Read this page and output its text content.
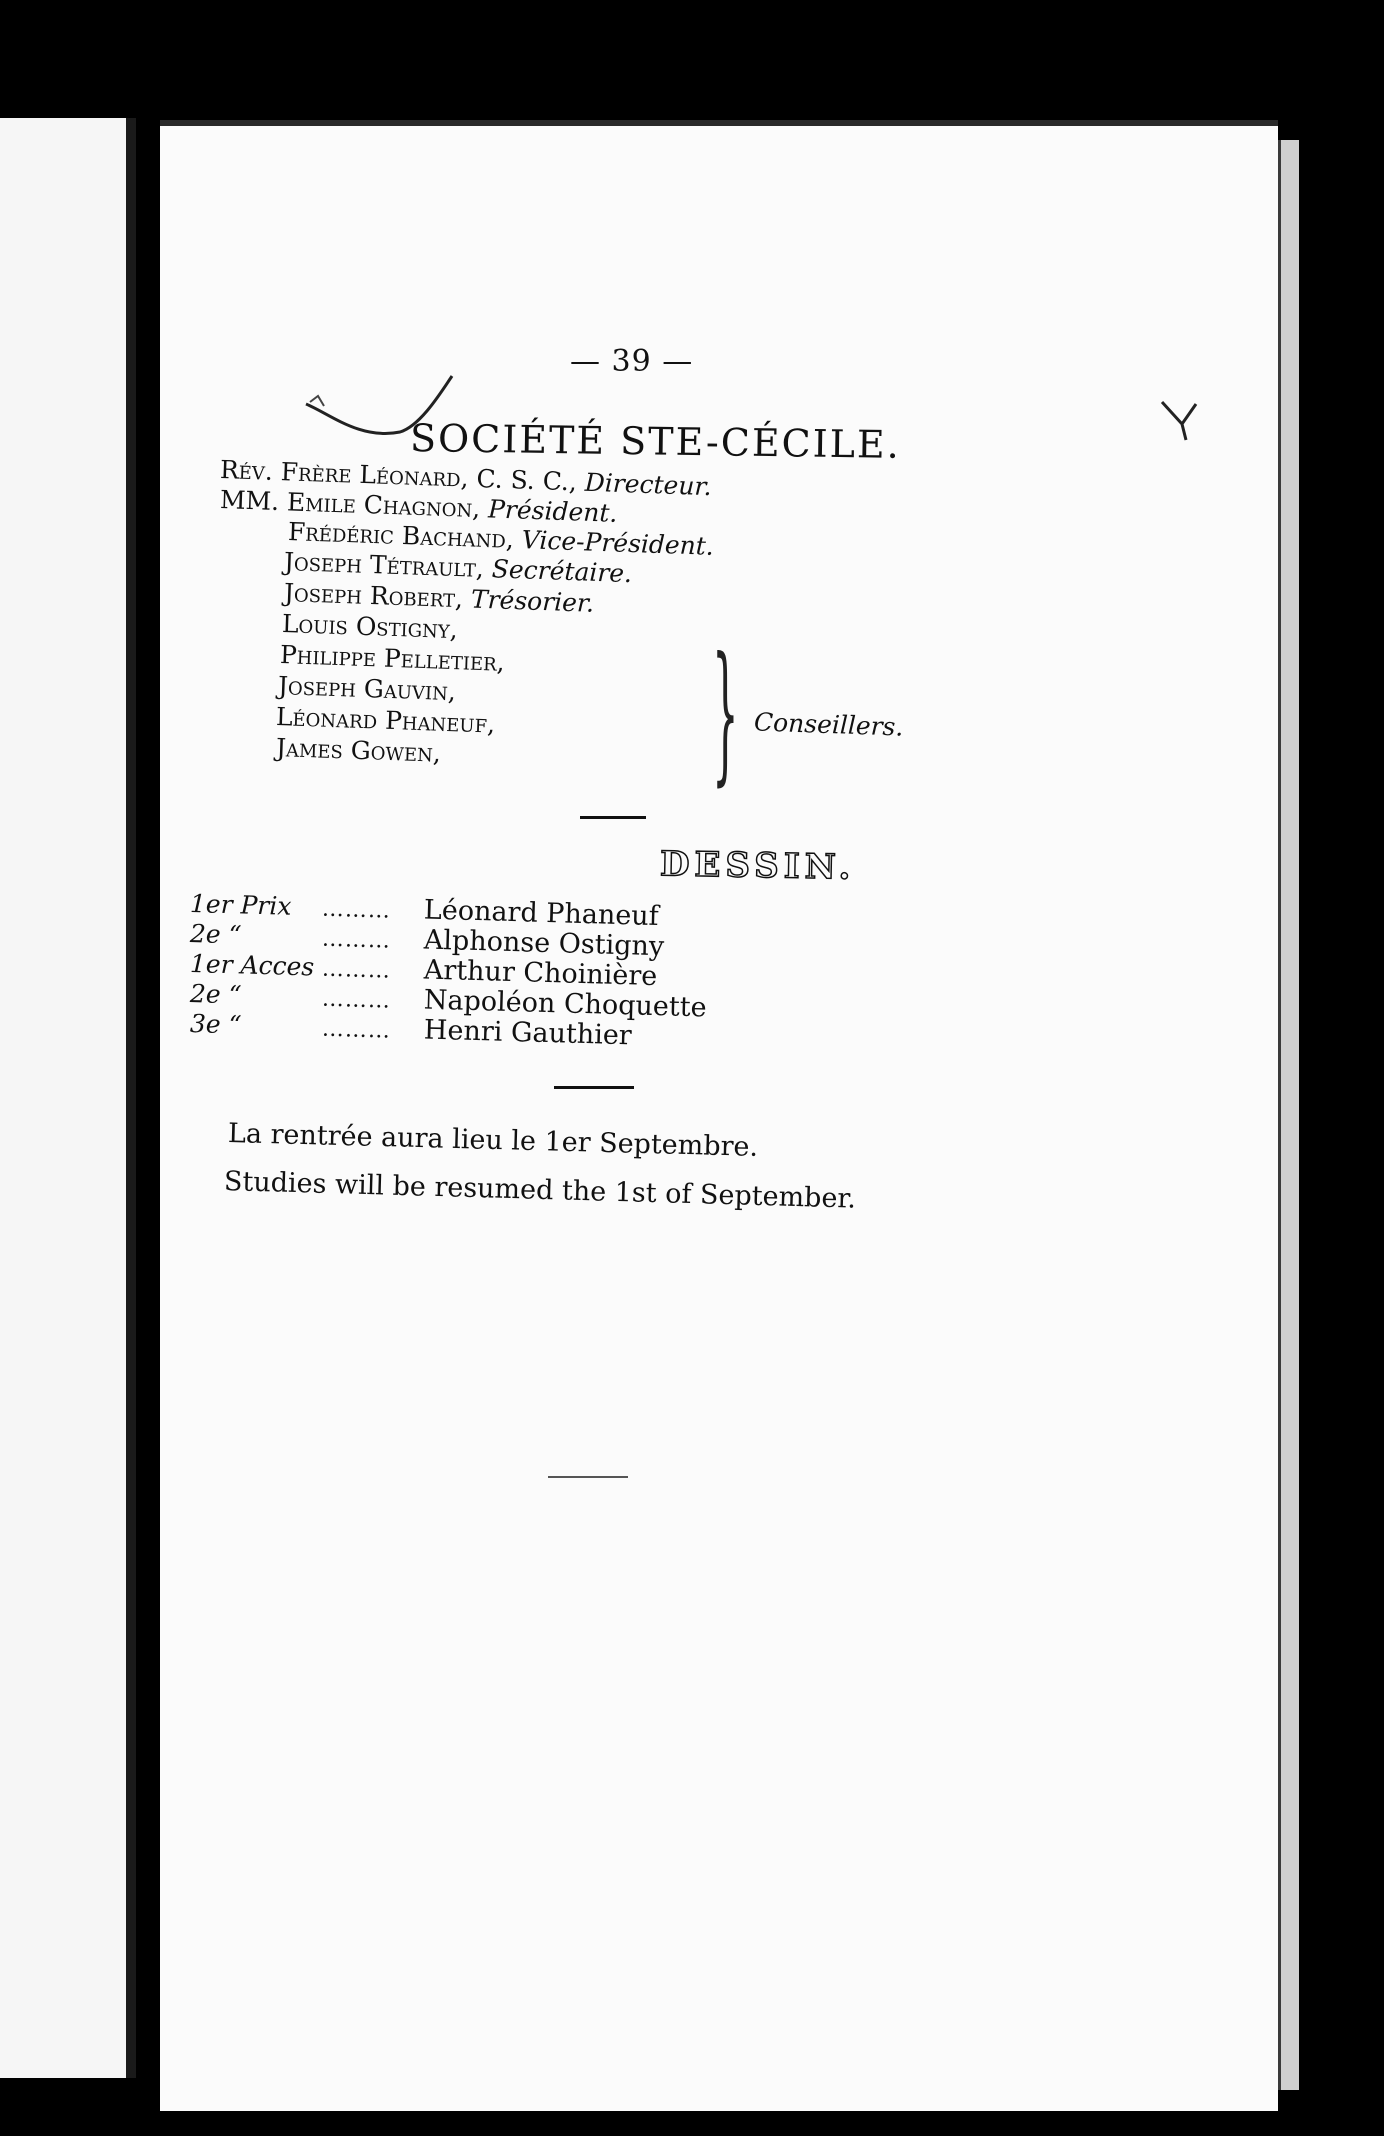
— 39 —
SOCIÉTÉ STE-CÉCILE.
Rév. Frère Léonard, C. S. C., Directeur.
MM. Emile Chagnon, Président.
Frédéric Bachand, Vice-Président.
Joseph Tétrault, Secrétaire.
Joseph Robert, Trésorier.
Louis Ostigny,
Philippe Pelletier,
Joseph Gauvin,
Léonard Phaneuf,
James Gowen, } Conseillers.
DESSIN.
1er Prix ……… Léonard Phaneuf
2e “	……… Alphonse Ostigny
1er Acces ……… Arthur Choinière
2e “	……… Napoléon Choquette
3e “	……… Henri Gauthier
La rentrée aura lieu le 1er Septembre.
Studies will be resumed the 1st of September.
